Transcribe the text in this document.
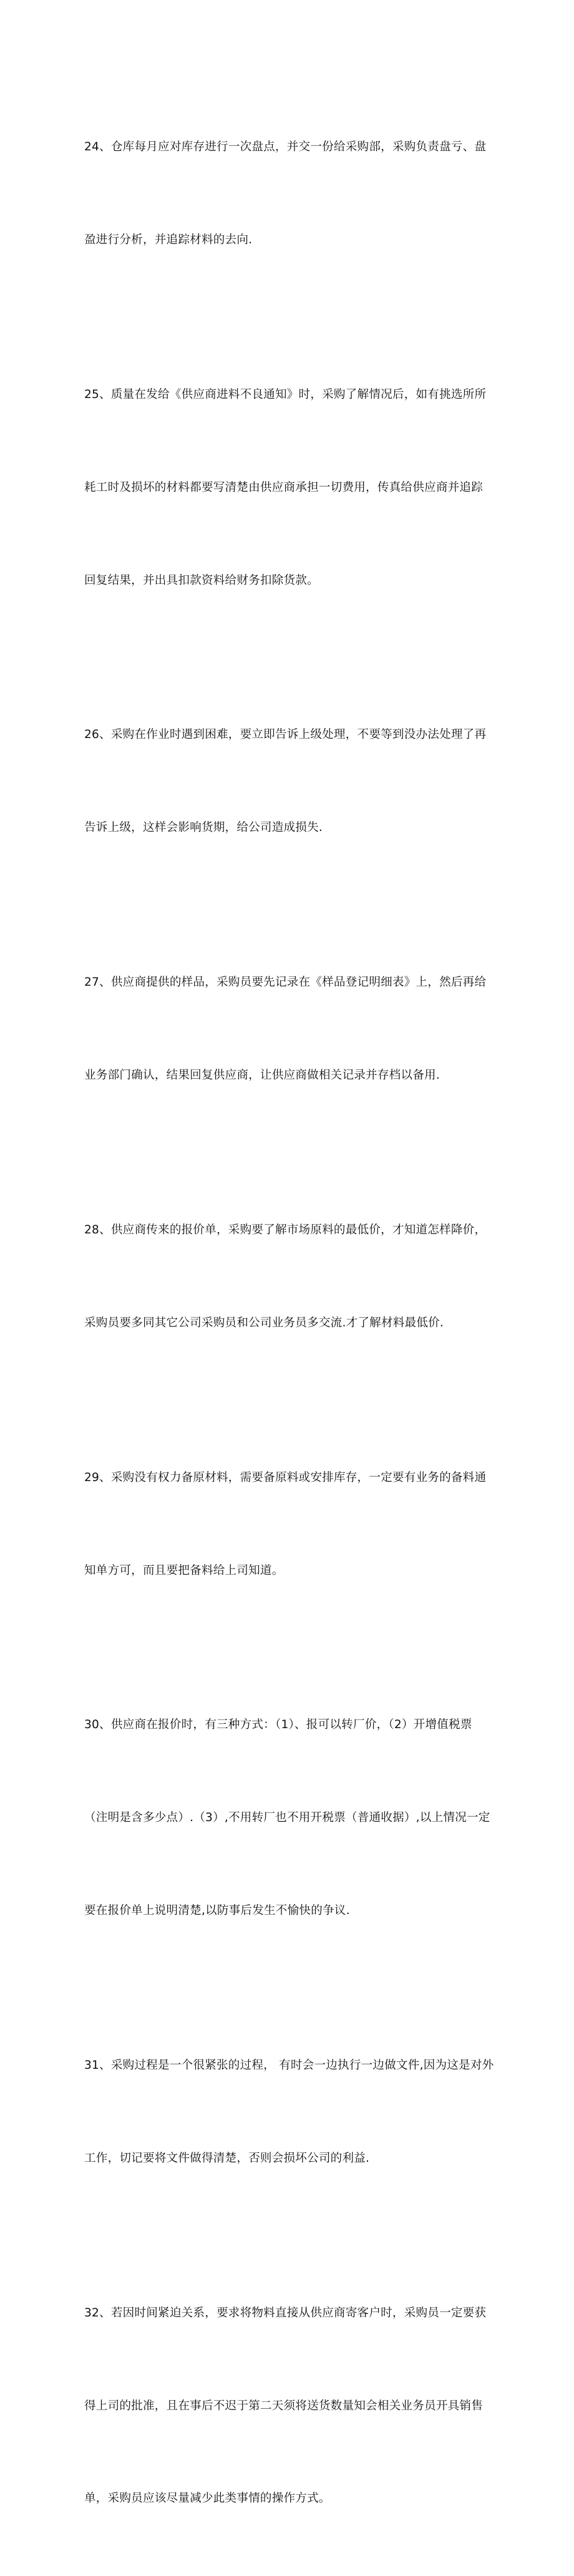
24、仓库每月应对库存进行一次盘点，并交一份给采购部，采购负责盘亏、盘

盈进行分析，并追踪材料的去向.

25、质量在发给《供应商进料不良通知》时，采购了解情况后，如有挑选所所

耗工时及损坏的材料都要写清楚由供应商承担一切费用，传真给供应商并追踪

回复结果，并出具扣款资料给财务扣除货款。

26、采购在作业时遇到困难，要立即告诉上级处理，不要等到没办法处理了再

告诉上级，这样会影响货期，给公司造成损失.

27、供应商提供的样品，采购员要先记录在《样品登记明细表》上，然后再给

业务部门确认，结果回复供应商，让供应商做相关记录并存档以备用.

28、供应商传来的报价单，采购要了解市场原料的最低价，才知道怎样降价，

采购员要多同其它公司采购员和公司业务员多交流.才了解材料最低价.

29、采购没有权力备原材料，需要备原料或安排库存，一定要有业务的备料通

知单方可，而且要把备料给上司知道。

30、供应商在报价时，有三种方式：（1）、报可以转厂价，（2）开增值税票

（注明是含多少点）.（3）,不用转厂也不用开税票（普通收据）,以上情况一定

要在报价单上说明清楚,以防事后发生不愉快的争议.

31、采购过程是一个很紧张的过程， 有时会一边执行一边做文件,因为这是对外

工作，切记要将文件做得清楚，否则会损坏公司的利益.

32、若因时间紧迫关系，要求将物料直接从供应商寄客户时，采购员一定要获

得上司的批准，且在事后不迟于第二天须将送货数量知会相关业务员开具销售

单，采购员应该尽量减少此类事情的操作方式。
